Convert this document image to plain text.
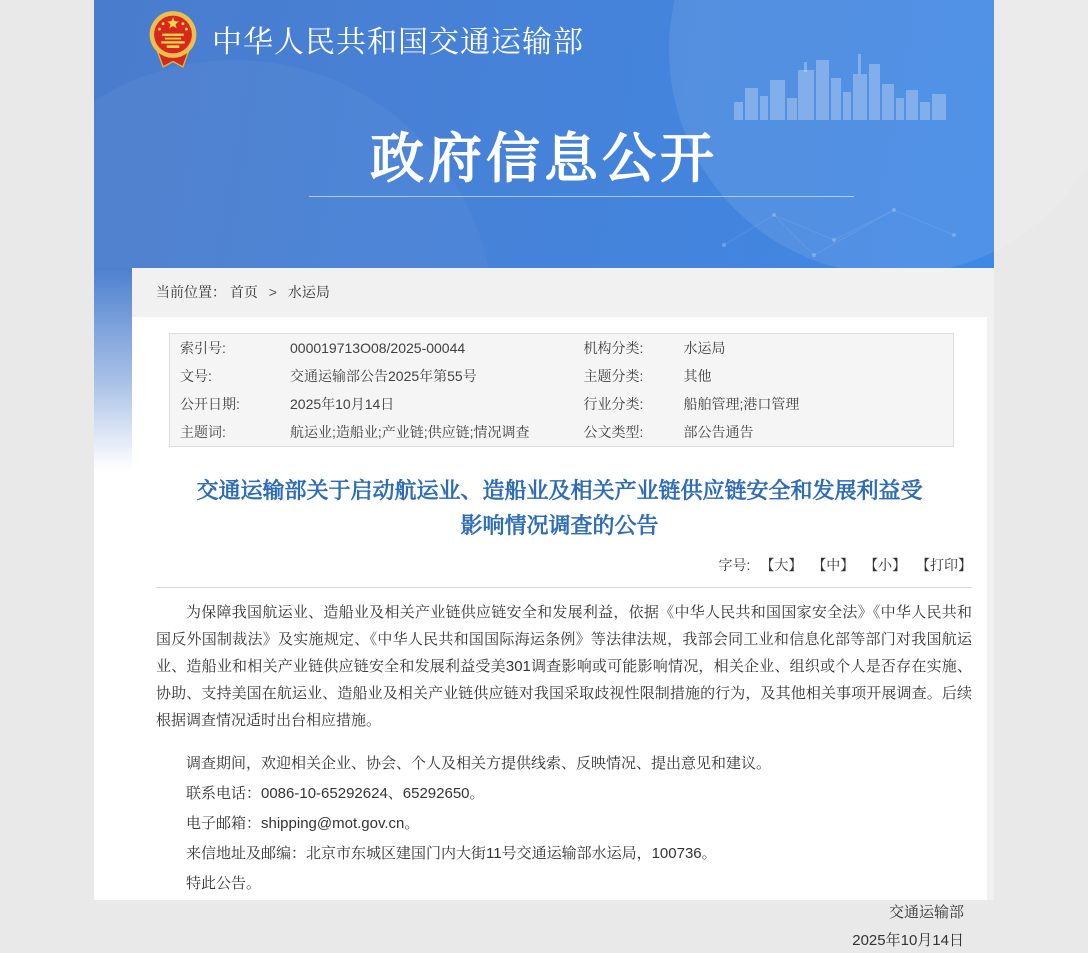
中华人民共和国交通运输部
政府信息公开
当前位置： 首页 > 水运局
索引号:	000019713O08/2025-00044	机构分类:	水运局
文号:	交通运输部公告2025年第55号	主题分类:	其他
公开日期:	2025年10月14日	行业分类:	船舶管理;港口管理
主题词:	航运业;造船业;产业链;供应链;情况调查	公文类型:	部公告通告
交通运输部关于启动航运业、造船业及相关产业链供应链安全和发展利益受影响情况调查的公告
字号: 【大】 【中】 【小】 【打印】

为保障我国航运业、造船业及相关产业链供应链安全和发展利益，依据《中华人民共和国国家安全法》《中华人民共和国反外国制裁法》及实施规定、《中华人民共和国国际海运条例》等法律法规，我部会同工业和信息化部等部门对我国航运业、造船业和相关产业链供应链安全和发展利益受美301调查影响或可能影响情况，相关企业、组织或个人是否存在实施、协助、支持美国在航运业、造船业及相关产业链供应链对我国采取歧视性限制措施的行为，及其他相关事项开展调查。后续根据调查情况适时出台相应措施。

调查期间，欢迎相关企业、协会、个人及相关方提供线索、反映情况、提出意见和建议。

联系电话：0086-10-65292624、65292650。

电子邮箱：shipping@mot.gov.cn。

来信地址及邮编：北京市东城区建国门内大街11号交通运输部水运局，100736。

特此公告。

交通运输部
2025年10月14日
